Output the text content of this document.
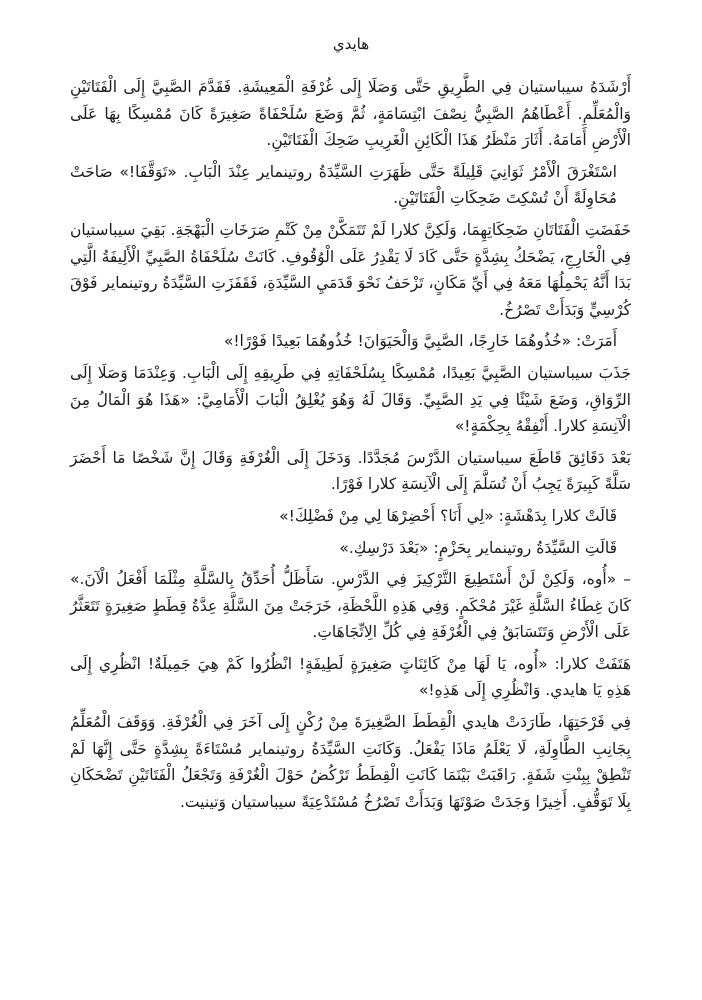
هايدي

أَرْشَدَهُ سيباستيان فِي الطَّرِيقِ حَتَّى وَصَلَا إِلَى غُرْفَةِ الْمَعِيشَةِ. فَقَدَّمَ الصَّبِيَّ إِلَى الْفَتَاتَيْنِ وَالْمُعَلِّمِ. أَعْطَاهُمُ الصَّبِيُّ نِصْفَ ابْتِسَامَةٍ، ثُمَّ وَضَعَ سُلَحْفَاةً صَغِيرَةً كَانَ مُمْسِكًا بِهَا عَلَى الْأَرْضِ أَمَامَهُ. أَثَارَ مَنْظَرُ هَذَا الْكَائِنِ الْغَرِيبِ ضَحِكَ الْفَتَاتَيْنِ.

اسْتَغْرَقَ الْأَمْرُ ثَوَانِيَ قَلِيلَةً حَتَّى ظَهَرَتِ السَّيِّدَةُ روتينماير عِنْدَ الْبَابِ. «تَوَقَّفَا!» صَاحَتْ مُحَاوِلَةً أَنْ تُسْكِتَ ضَحِكَاتِ الْفَتَاتَيْنِ.

خَفَضَتِ الْفَتَاتَانِ ضَحِكَاتِهِمَا، وَلَكِنَّ كلارا لَمْ تَتَمَكَّنْ مِنْ كَتْمِ صَرَخَاتِ الْبَهْجَةِ. بَقِيَ سيباستيان فِي الْخَارِجِ، يَضْحَكُ بِشِدَّةٍ حَتَّى كَادَ لَا يَقْدِرُ عَلَى الْوُقُوفِ. كَانَتْ سُلَحْفَاةُ الصَّبِيِّ الْأَلِيفَةُ الَّتِي بَدَا أَنَّهُ يَحْمِلُهَا مَعَهُ فِي أَيِّ مَكَانٍ، تَزْحَفُ نَحْوَ قَدَمَيِ السَّيِّدَةِ، فَقَفَزَتِ السَّيِّدَةُ روتينماير فَوْقَ كُرْسِيٍّ وَبَدَأَتْ تَصْرُخُ.

أَمَرَتْ: «خُذُوهُمَا خَارِجًا، الصَّبِيَّ وَالْحَيَوَانَ! خُذُوهُمَا بَعِيدًا فَوْرًا!»

جَذَبَ سيباستيان الصَّبِيَّ بَعِيدًا، مُمْسِكًا بِسُلَحْفَاتِهِ فِي طَرِيقِهِ إِلَى الْبَابِ. وَعِنْدَمَا وَصَلَا إِلَى الرِّوَاقِ، وَضَعَ شَيْئًا فِي يَدِ الصَّبِيِّ. وَقَالَ لَهُ وَهُوَ يُغْلِقُ الْبَابَ الْأَمَامِيَّ: «هَذَا هُوَ الْمَالُ مِنَ الْآنِسَةِ كلارا. أَنْفِقْهُ بِحِكْمَةٍ!»

بَعْدَ دَقَائِقَ قَاطَعَ سيباستيان الدَّرْسَ مُجَدَّدًا. وَدَخَلَ إِلَى الْغُرْفَةِ وَقَالَ إِنَّ شَخْصًا مَا أَحْضَرَ سَلَّةً كَبِيرَةً يَجِبُ أَنْ تُسَلَّمَ إِلَى الْآنِسَةِ كلارا فَوْرًا.

قَالَتْ كلارا بِدَهْشَةٍ: «لِي أَنَا؟ أَحْضِرْهَا لِي مِنْ فَضْلِكَ!»

قَالَتِ السَّيِّدَةُ روتينماير بِحَزْمٍ: «بَعْدَ دَرْسِكِ.»

– «أُوه، وَلَكِنْ لَنْ أَسْتَطِيعَ التَّرْكِيزَ فِي الدَّرْسِ. سَأَظَلُّ أُحَدِّقُ بِالسَّلَّةِ مِثْلَمَا أَفْعَلُ الْآنَ.» كَانَ غِطَاءُ السَّلَّةِ غَيْرَ مُحْكَمٍ. وَفِي هَذِهِ اللَّحْظَةِ، خَرَجَتْ مِنَ السَّلَّةِ عِدَّةُ قِطَطٍ صَغِيرَةٍ تَتَعَثَّرُ عَلَى الْأَرْضِ وَتَتَسَابَقُ فِي الْغُرْفَةِ فِي كُلِّ الِاتِّجَاهَاتِ.

هَتَفَتْ كلارا: «أُوه، يَا لَهَا مِنْ كَائِنَاتٍ صَغِيرَةٍ لَطِيفَةٍ! انْظُرُوا كَمْ هِيَ جَمِيلَةٌ! انْظُرِي إِلَى هَذِهِ يَا هايدي. وَانْظُرِي إِلَى هَذِهِ!»

فِي فَرْحَتِهَا، طَارَدَتْ هايدي الْقِطَطَ الصَّغِيرَةَ مِنْ رُكْنٍ إِلَى آخَرَ فِي الْغُرْفَةِ. وَوَقَفَ الْمُعَلِّمُ بِجَانِبِ الطَّاوِلَةِ، لَا يَعْلَمُ مَاذَا يَفْعَلُ. وَكَانَتِ السَّيِّدَةُ روتينماير مُسْتَاءَةً بِشِدَّةٍ حَتَّى إِنَّهَا لَمْ تَنْطِقْ بِبِنْتِ شَفَةٍ. رَاقَبَتْ بَيْنَمَا كَانَتِ الْقِطَطُ تَرْكُضُ حَوْلَ الْغُرْفَةِ وَتَجْعَلُ الْفَتَاتَيْنِ تَضْحَكَانِ بِلَا تَوَقُّفٍ. أَخِيرًا وَجَدَتْ صَوْتَهَا وَبَدَأَتْ تَصْرُخُ مُسْتَدْعِيَةً سيباستيان وَتينيت.
